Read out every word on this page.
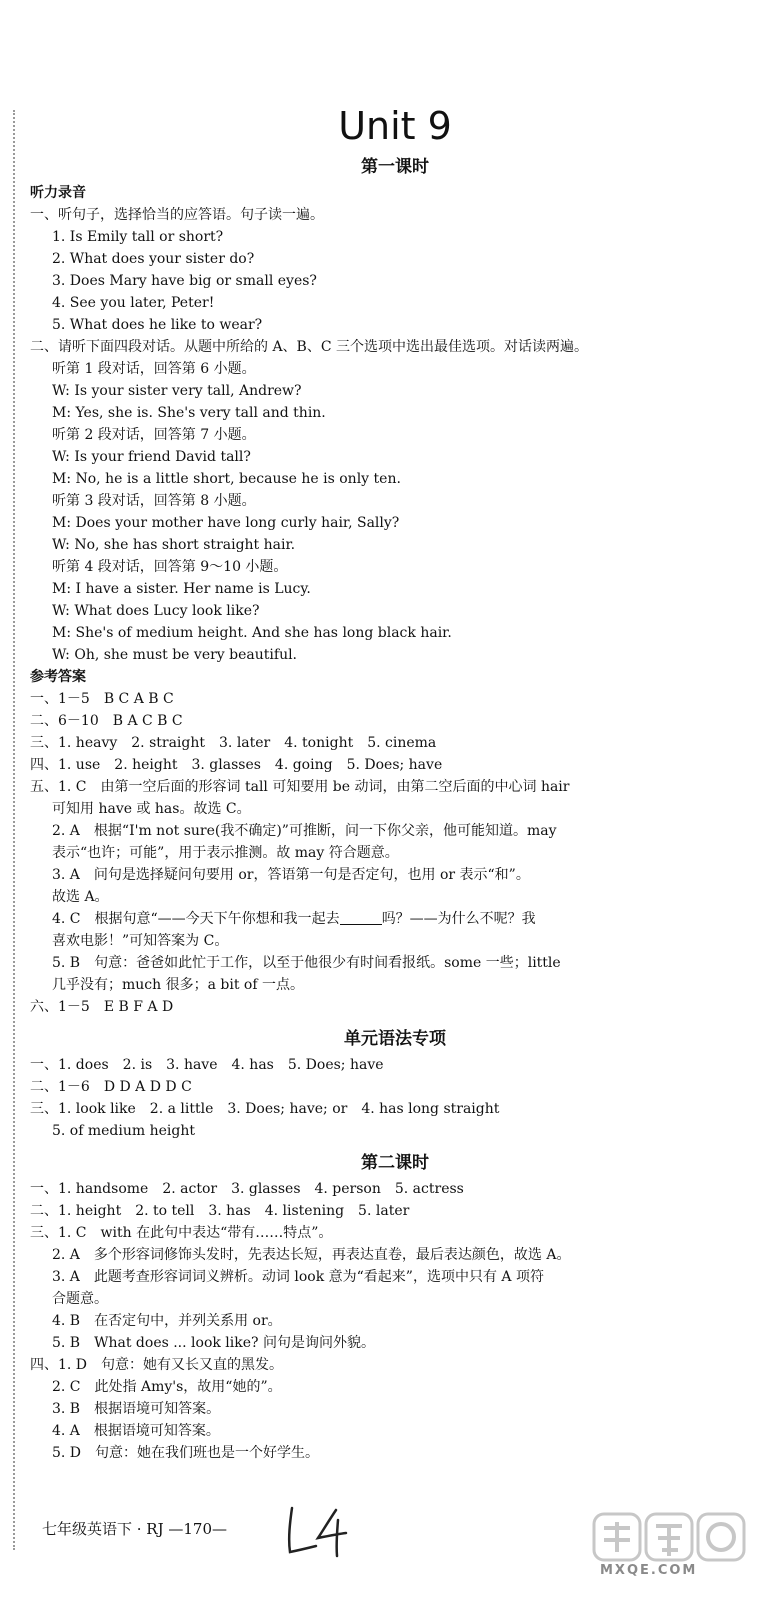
Unit 9
第一课时
听力录音
一、听句子，选择恰当的应答语。句子读一遍。
1. Is Emily tall or short?
2. What does your sister do?
3. Does Mary have big or small eyes?
4. See you later, Peter!
5. What does he like to wear?
二、请听下面四段对话。从题中所给的 A、B、C 三个选项中选出最佳选项。对话读两遍。
听第 1 段对话，回答第 6 小题。
W: Is your sister very tall, Andrew?
M: Yes, she is. She's very tall and thin.
听第 2 段对话，回答第 7 小题。
W: Is your friend David tall?
M: No, he is a little short, because he is only ten.
听第 3 段对话，回答第 8 小题。
M: Does your mother have long curly hair, Sally?
W: No, she has short straight hair.
听第 4 段对话，回答第 9～10 小题。
M: I have a sister. Her name is Lucy.
W: What does Lucy look like?
M: She's of medium height. And she has long black hair.
W: Oh, she must be very beautiful.
参考答案
一、1－5　B C A B C
二、6－10　B A C B C
三、1. heavy　2. straight　3. later　4. tonight　5. cinema
四、1. use　2. height　3. glasses　4. going　5. Does; have
五、1. C　由第一空后面的形容词 tall 可知要用 be 动词，由第二空后面的中心词 hair
可知用 have 或 has。故选 C。
2. A　根据“I'm not sure(我不确定)”可推断，问一下你父亲，他可能知道。may
表示“也许；可能”，用于表示推测。故 may 符合题意。
3. A　问句是选择疑问句要用 or，答语第一句是否定句，也用 or 表示“和”。
故选 A。
4. C　根据句意“——今天下午你想和我一起去	吗？——为什么不呢？我
喜欢电影！”可知答案为 C。
5. B　句意：爸爸如此忙于工作，以至于他很少有时间看报纸。some 一些；little
几乎没有；much 很多；a bit of 一点。
六、1－5　E B F A D
单元语法专项
一、1. does　2. is　3. have　4. has　5. Does; have
二、1－6　D D A D D C
三、1. look like　2. a little　3. Does; have; or　4. has long straight
5. of medium height
第二课时
一、1. handsome　2. actor　3. glasses　4. person　5. actress
二、1. height　2. to tell　3. has　4. listening　5. later
三、1. C　with 在此句中表达“带有……特点”。
2. A　多个形容词修饰头发时，先表达长短，再表达直卷，最后表达颜色，故选 A。
3. A　此题考查形容词词义辨析。动词 look 意为“看起来”，选项中只有 A 项符
合题意。
4. B　在否定句中，并列关系用 or。
5. B　What does ... look like? 问句是询问外貌。
四、1. D　句意：她有又长又直的黑发。
2. C　此处指 Amy's，故用“她的”。
3. B　根据语境可知答案。
4. A　根据语境可知答案。
5. D　句意：她在我们班也是一个好学生。
七年级英语下 · RJ —170—
MXQE.COM
